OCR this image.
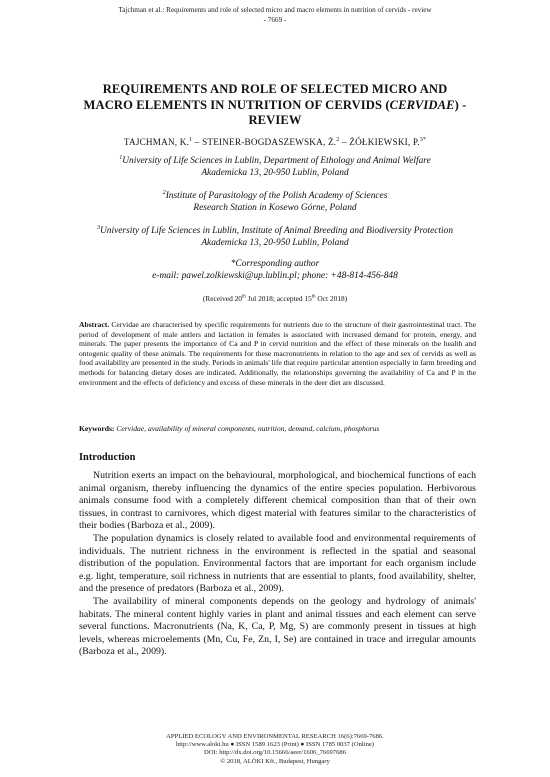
Tajchman et al.: Requirements and role of selected micro and macro elements in nutrition of cervids - review
- 7669 -
REQUIREMENTS AND ROLE OF SELECTED MICRO AND
MACRO ELEMENTS IN NUTRITION OF CERVIDS (CERVIDAE) -
REVIEW
TAJCHMAN, K.$^1$ – STEINER-BOGDASZEWSKA, Ż.$^2$ – ŻÓŁKIEWSKI, P.$^{3*}$
$^1$University of Life Sciences in Lublin, Department of Ethology and Animal Welfare
Akademicka 13, 20-950 Lublin, Poland
$^2$Institute of Parasitology of the Polish Academy of Sciences
Research Station in Kosewo Górne, Poland
$^3$University of Life Sciences in Lublin, Institute of Animal Breeding and Biodiversity Protection
Akademicka 13, 20-950 Lublin, Poland
*Corresponding author
e-mail: pawel.zolkiewski@up.lublin.pl; phone: +48-814-456-848
(Received 20th Jul 2018; accepted 15th Oct 2018)
Abstract. Cervidae are characterised by specific requirements for nutrients due to the structure of their gastrointestinal tract. The period of development of male antlers and lactation in females is associated with increased demand for protein, energy, and minerals. The paper presents the importance of Ca and P in cervid nutrition and the effect of these minerals on the health and ontogenic quality of these animals. The requirements for these macronutrients in relation to the age and sex of cervids as well as food availability are presented in the study. Periods in animals' life that require particular attention especially in farm breeding and methods for balancing dietary doses are indicated. Additionally, the relationships governing the availability of Ca and P in the environment and the effects of deficiency and excess of these minerals in the deer diet are discussed.
Keywords: Cervidae, availability of mineral components, nutrition, demand, calcium, phosphorus
Introduction

Nutrition exerts an impact on the behavioural, morphological, and biochemical functions of each animal organism, thereby influencing the dynamics of the entire species population. Herbivorous animals consume food with a completely different chemical composition than that of their own tissues, in contrast to carnivores, which digest material with features similar to the characteristics of their bodies (Barboza et al., 2009).

The population dynamics is closely related to available food and environmental requirements of individuals. The nutrient richness in the environment is reflected in the spatial and seasonal distribution of the population. Environmental factors that are important for each organism include e.g. light, temperature, soil richness in nutrients that are essential to plants, food availability, shelter, and the presence of predators (Barboza et al., 2009).

The availability of mineral components depends on the geology and hydrology of animals' habitats. The mineral content highly varies in plant and animal tissues and each element can serve several functions. Macronutrients (Na, K, Ca, P, Mg, S) are commonly present in tissues at high levels, whereas microelements (Mn, Cu, Fe, Zn, I, Se) are contained in trace and irregular amounts (Barboza et al., 2009).

APPLIED ECOLOGY AND ENVIRONMENTAL RESEARCH 16(6):7669-7686.
http://www.aloki.hu ● ISSN 1589 1623 (Print) ● ISSN 1785 0037 (Online)
DOI: http://dx.doi.org/10.15666/aeer/1606_76697686
© 2018, ALÖKI Kft., Budapest, Hungary
